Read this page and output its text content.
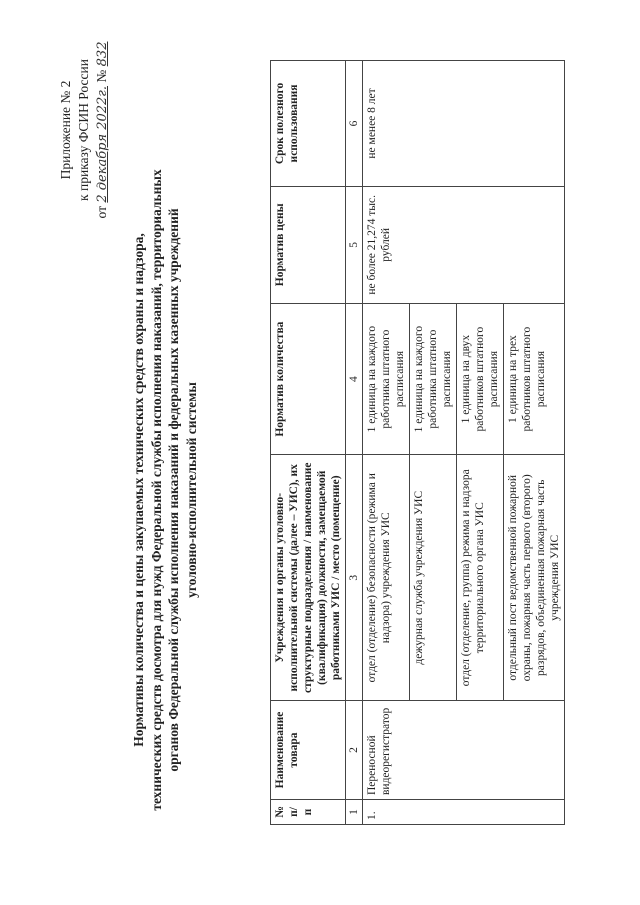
Приложение № 2 к приказу ФСИН России
от 2 декабря 2022г. № 832
Нормативы количества и цены закупаемых технических средств охраны и надзора, технических средств досмотра для нужд Федеральной службы исполнения наказаний, территориальных органов Федеральной службы исполнения наказаний и федеральных казенных учреждений уголовно-исполнительной системы
№ п/п	Наименование товара	Учреждения и органы уголовно-исполнительной системы (далее – УИС), их структурные подразделения / наименование (квалификация) должности, замещаемой работниками УИС / место (помещение)	Норматив количества	Норматив цены	Срок полезного использования
1	2	3	4	5	6
1.	Переносной видеорегистратор	отдел (отделение) безопасности (режима и надзора) учреждения УИС	1 единица на каждого работника штатного расписания	не более 21,274 тыс. рублей	не менее 8 лет
		дежурная служба учреждения УИС	1 единица на каждого работника штатного расписания		
		отдел (отделение, группа) режима и надзора территориального органа УИС	1 единица на двух работников штатного расписания		
		отдельный пост ведомственной пожарной охраны, пожарная часть первого (второго) разрядов, объединенная пожарная часть учреждения УИС	1 единица на трех работников штатного расписания		
